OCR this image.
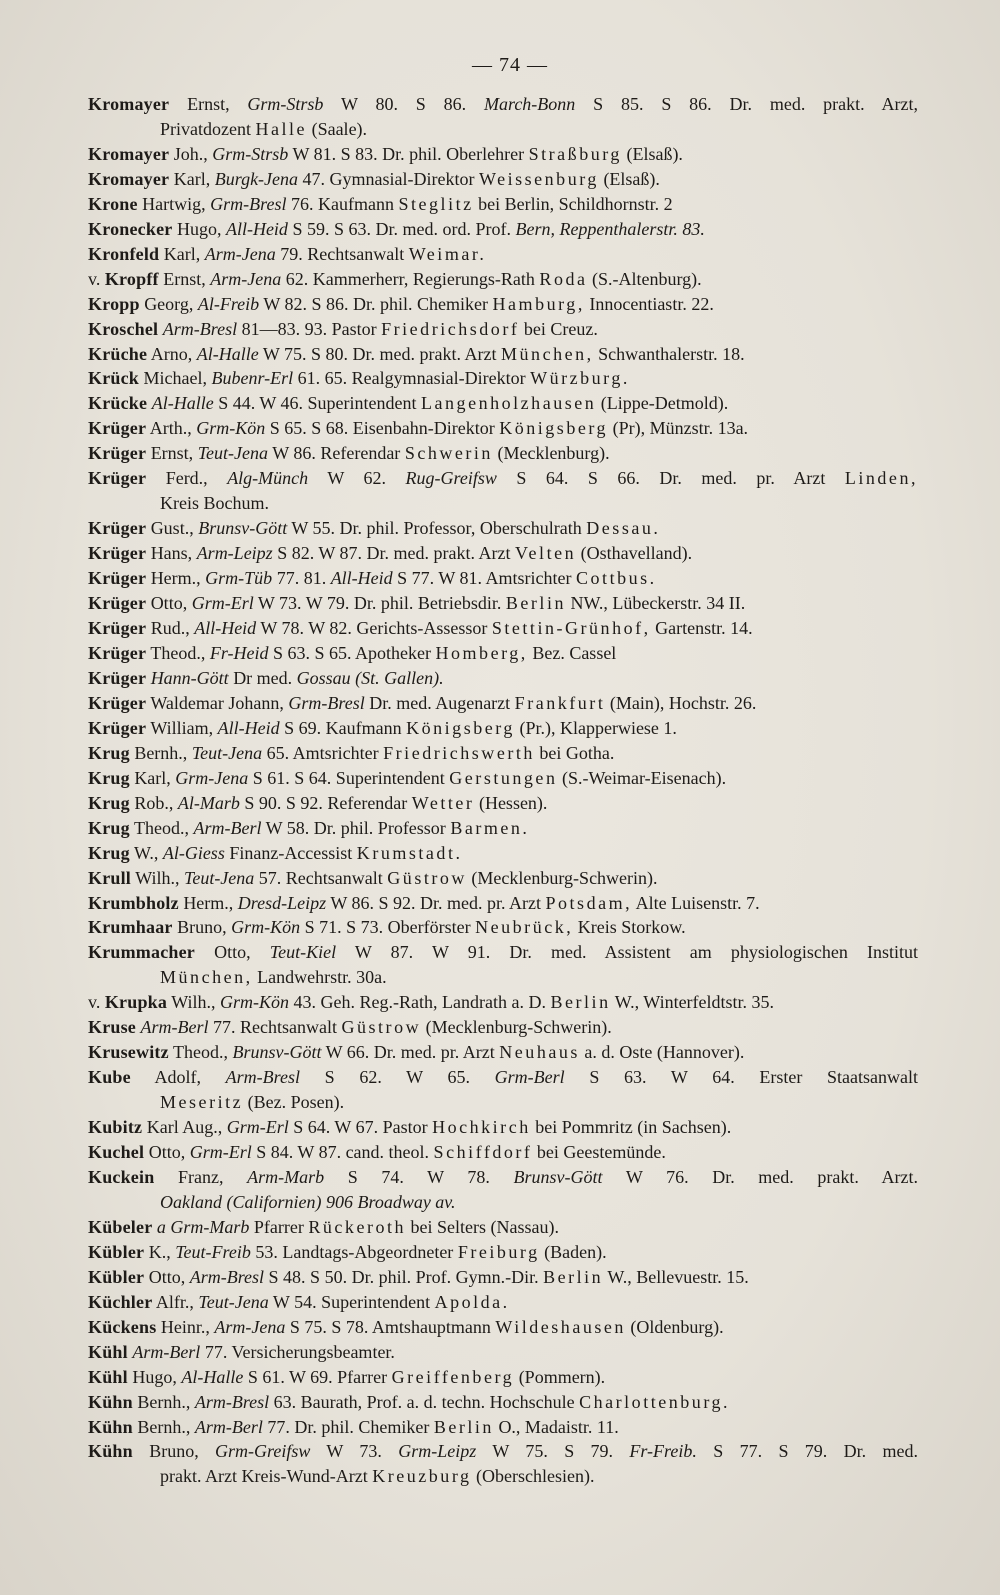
— 74 —
Kromayer Ernst, Grm-Strsb W 80. S 86. March-Bonn S 85. S 86. Dr. med. prakt. Arzt,
Privatdozent Halle (Saale).
Kromayer Joh., Grm-Strsb W 81. S 83. Dr. phil. Oberlehrer Straßburg (Elsaß).
Kromayer Karl, Burgk-Jena 47. Gymnasial-Direktor Weissenburg (Elsaß).
Krone Hartwig, Grm-Bresl 76. Kaufmann Steglitz bei Berlin, Schildhornstr. 2
Kronecker Hugo, All-Heid S 59. S 63. Dr. med. ord. Prof. Bern, Reppenthalerstr. 83.
Kronfeld Karl, Arm-Jena 79. Rechtsanwalt Weimar.
v. Kropff Ernst, Arm-Jena 62. Kammerherr, Regierungs-Rath Roda (S.-Altenburg).
Kropp Georg, Al-Freib W 82. S 86. Dr. phil. Chemiker Hamburg, Innocentiastr. 22.
Kroschel Arm-Bresl 81—83. 93. Pastor Friedrichsdorf bei Creuz.
Krüche Arno, Al-Halle W 75. S 80. Dr. med. prakt. Arzt München, Schwanthalerstr. 18.
Krück Michael, Bubenr-Erl 61. 65. Realgymnasial-Direktor Würzburg.
Krücke Al-Halle S 44. W 46. Superintendent Langenholzhausen (Lippe-Detmold).
Krüger Arth., Grm-Kön S 65. S 68. Eisenbahn-Direktor Königsberg (Pr), Münzstr. 13a.
Krüger Ernst, Teut-Jena W 86. Referendar Schwerin (Mecklenburg).
Krüger Ferd., Alg-Münch W 62. Rug-Greifsw S 64. S 66. Dr. med. pr. Arzt Linden,
Kreis Bochum.
Krüger Gust., Brunsv-Gött W 55. Dr. phil. Professor, Oberschulrath Dessau.
Krüger Hans, Arm-Leipz S 82. W 87. Dr. med. prakt. Arzt Velten (Osthavelland).
Krüger Herm., Grm-Tüb 77. 81. All-Heid S 77. W 81. Amtsrichter Cottbus.
Krüger Otto, Grm-Erl W 73. W 79. Dr. phil. Betriebsdir. Berlin NW., Lübeckerstr. 34 II.
Krüger Rud., All-Heid W 78. W 82. Gerichts-Assessor Stettin-Grünhof, Gartenstr. 14.
Krüger Theod., Fr-Heid S 63. S 65. Apotheker Homberg, Bez. Cassel
Krüger Hann-Gött Dr med. Gossau (St. Gallen).
Krüger Waldemar Johann, Grm-Bresl Dr. med. Augenarzt Frankfurt (Main), Hochstr. 26.
Krüger William, All-Heid S 69. Kaufmann Königsberg (Pr.), Klapperwiese 1.
Krug Bernh., Teut-Jena 65. Amtsrichter Friedrichswerth bei Gotha.
Krug Karl, Grm-Jena S 61. S 64. Superintendent Gerstungen (S.-Weimar-Eisenach).
Krug Rob., Al-Marb S 90. S 92. Referendar Wetter (Hessen).
Krug Theod., Arm-Berl W 58. Dr. phil. Professor Barmen.
Krug W., Al-Giess Finanz-Accessist Krumstadt.
Krull Wilh., Teut-Jena 57. Rechtsanwalt Güstrow (Mecklenburg-Schwerin).
Krumbholz Herm., Dresd-Leipz W 86. S 92. Dr. med. pr. Arzt Potsdam, Alte Luisenstr. 7.
Krumhaar Bruno, Grm-Kön S 71. S 73. Oberförster Neubrück, Kreis Storkow.
Krummacher Otto, Teut-Kiel W 87. W 91. Dr. med. Assistent am physiologischen Institut
München, Landwehrstr. 30a.
v. Krupka Wilh., Grm-Kön 43. Geh. Reg.-Rath, Landrath a. D. Berlin W., Winterfeldtstr. 35.
Kruse Arm-Berl 77. Rechtsanwalt Güstrow (Mecklenburg-Schwerin).
Krusewitz Theod., Brunsv-Gött W 66. Dr. med. pr. Arzt Neuhaus a. d. Oste (Hannover).
Kube Adolf, Arm-Bresl S 62. W 65. Grm-Berl S 63. W 64. Erster Staatsanwalt
Meseritz (Bez. Posen).
Kubitz Karl Aug., Grm-Erl S 64. W 67. Pastor Hochkirch bei Pommritz (in Sachsen).
Kuchel Otto, Grm-Erl S 84. W 87. cand. theol. Schiffdorf bei Geestemünde.
Kuckein Franz, Arm-Marb S 74. W 78. Brunsv-Gött W 76. Dr. med. prakt. Arzt.
Oakland (Californien) 906 Broadway av.
Kübeler a Grm-Marb Pfarrer Rückeroth bei Selters (Nassau).
Kübler K., Teut-Freib 53. Landtags-Abgeordneter Freiburg (Baden).
Kübler Otto, Arm-Bresl S 48. S 50. Dr. phil. Prof. Gymn.-Dir. Berlin W., Bellevuestr. 15.
Küchler Alfr., Teut-Jena W 54. Superintendent Apolda.
Kückens Heinr., Arm-Jena S 75. S 78. Amtshauptmann Wildeshausen (Oldenburg).
Kühl Arm-Berl 77. Versicherungsbeamter.
Kühl Hugo, Al-Halle S 61. W 69. Pfarrer Greiffenberg (Pommern).
Kühn Bernh., Arm-Bresl 63. Baurath, Prof. a. d. techn. Hochschule Charlottenburg.
Kühn Bernh., Arm-Berl 77. Dr. phil. Chemiker Berlin O., Madaistr. 11.
Kühn Bruno, Grm-Greifsw W 73. Grm-Leipz W 75. S 79. Fr-Freib. S 77. S 79. Dr. med.
prakt. Arzt Kreis-Wund-Arzt Kreuzburg (Oberschlesien).
